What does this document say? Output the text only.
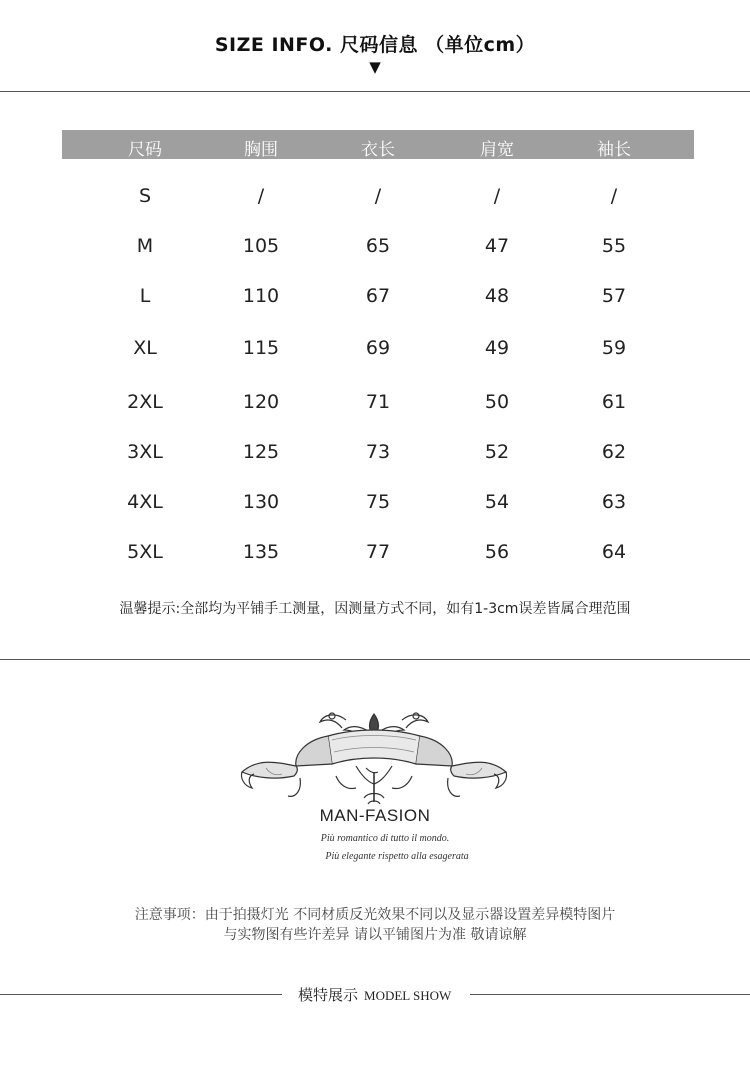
SIZE INFO. 尺码信息 （单位cm）
▼
尺码	胸围	衣长	肩宽	袖长
S	/	/	/	/
M	105	65	47	55
L	110	67	48	57
XL	115	69	49	59
2XL	120	71	50	61
3XL	125	73	52	62
4XL	130	75	54	63
5XL	135	77	56	64
温馨提示:全部均为平铺手工测量，因测量方式不同，如有1-3cm误差皆属合理范围
MAN-FASION
Più romantico di tutto il mondo.
Più elegante rispetto alla esagerata
注意事项：由于拍摄灯光 不同材质反光效果不同以及显示器设置差异模特图片
与实物图有些许差异 请以平铺图片为准 敬请谅解
模特展示 MODEL SHOW
